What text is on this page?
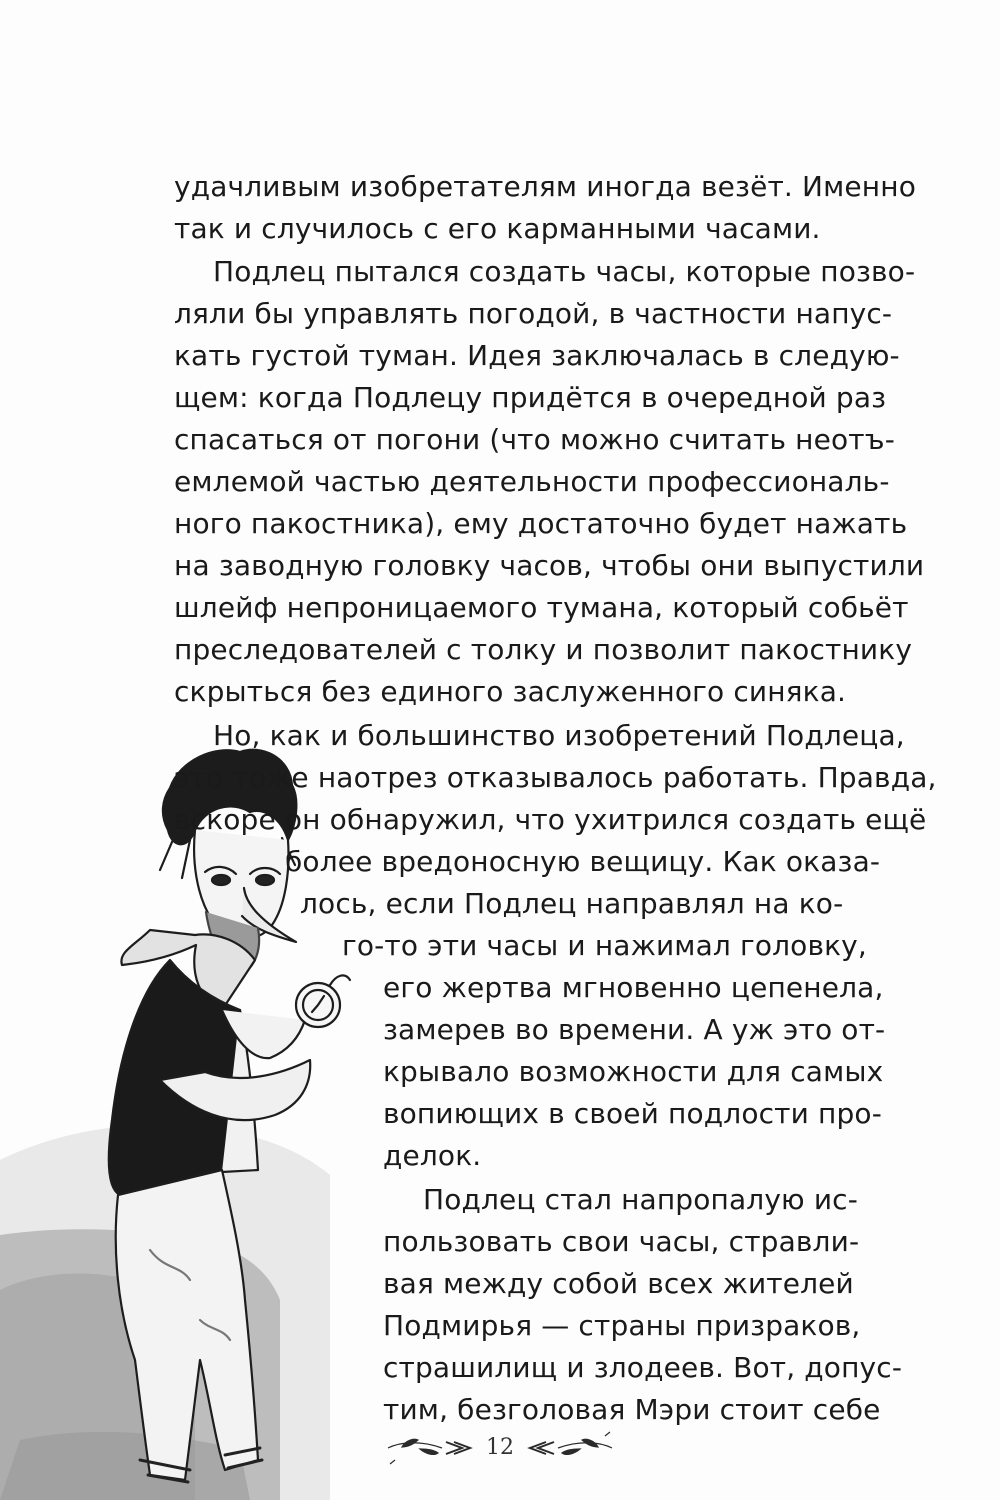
удачливым изобретателям иногда везёт. Именно

так и случилось с его карманными часами.

Подлец пытался создать часы, которые позво-

ляли бы управлять погодой, в частности напус-

кать густой туман. Идея заключалась в следую-

щем: когда Подлецу придётся в очередной раз

спасаться от погони (что можно считать неотъ-

емлемой частью деятельности профессиональ-

ного пакостника), ему достаточно будет нажать

на заводную головку часов, чтобы они выпустили

шлейф непроницаемого тумана, который собьёт

преследователей с толку и позволит пакостнику

скрыться без единого заслуженного синяка.

Но, как и большинство изобретений Подлеца,

это тоже наотрез отказывалось работать. Правда,

вскоре он обнаружил, что ухитрился создать ещё

более вредоносную вещицу. Как оказа-

лось, если Подлец направлял на ко-

го-то эти часы и нажимал головку,

его жертва мгновенно цепенела,

замерев во времени. А уж это от-

крывало возможности для самых

вопиющих в своей подлости про-

делок.

Подлец стал напропалую ис-

пользовать свои часы, стравли-

вая между собой всех жителей

Подмирья — страны призраков,

страшилищ и злодеев. Вот, допус-

тим, безголовая Мэри стоит себе

12
